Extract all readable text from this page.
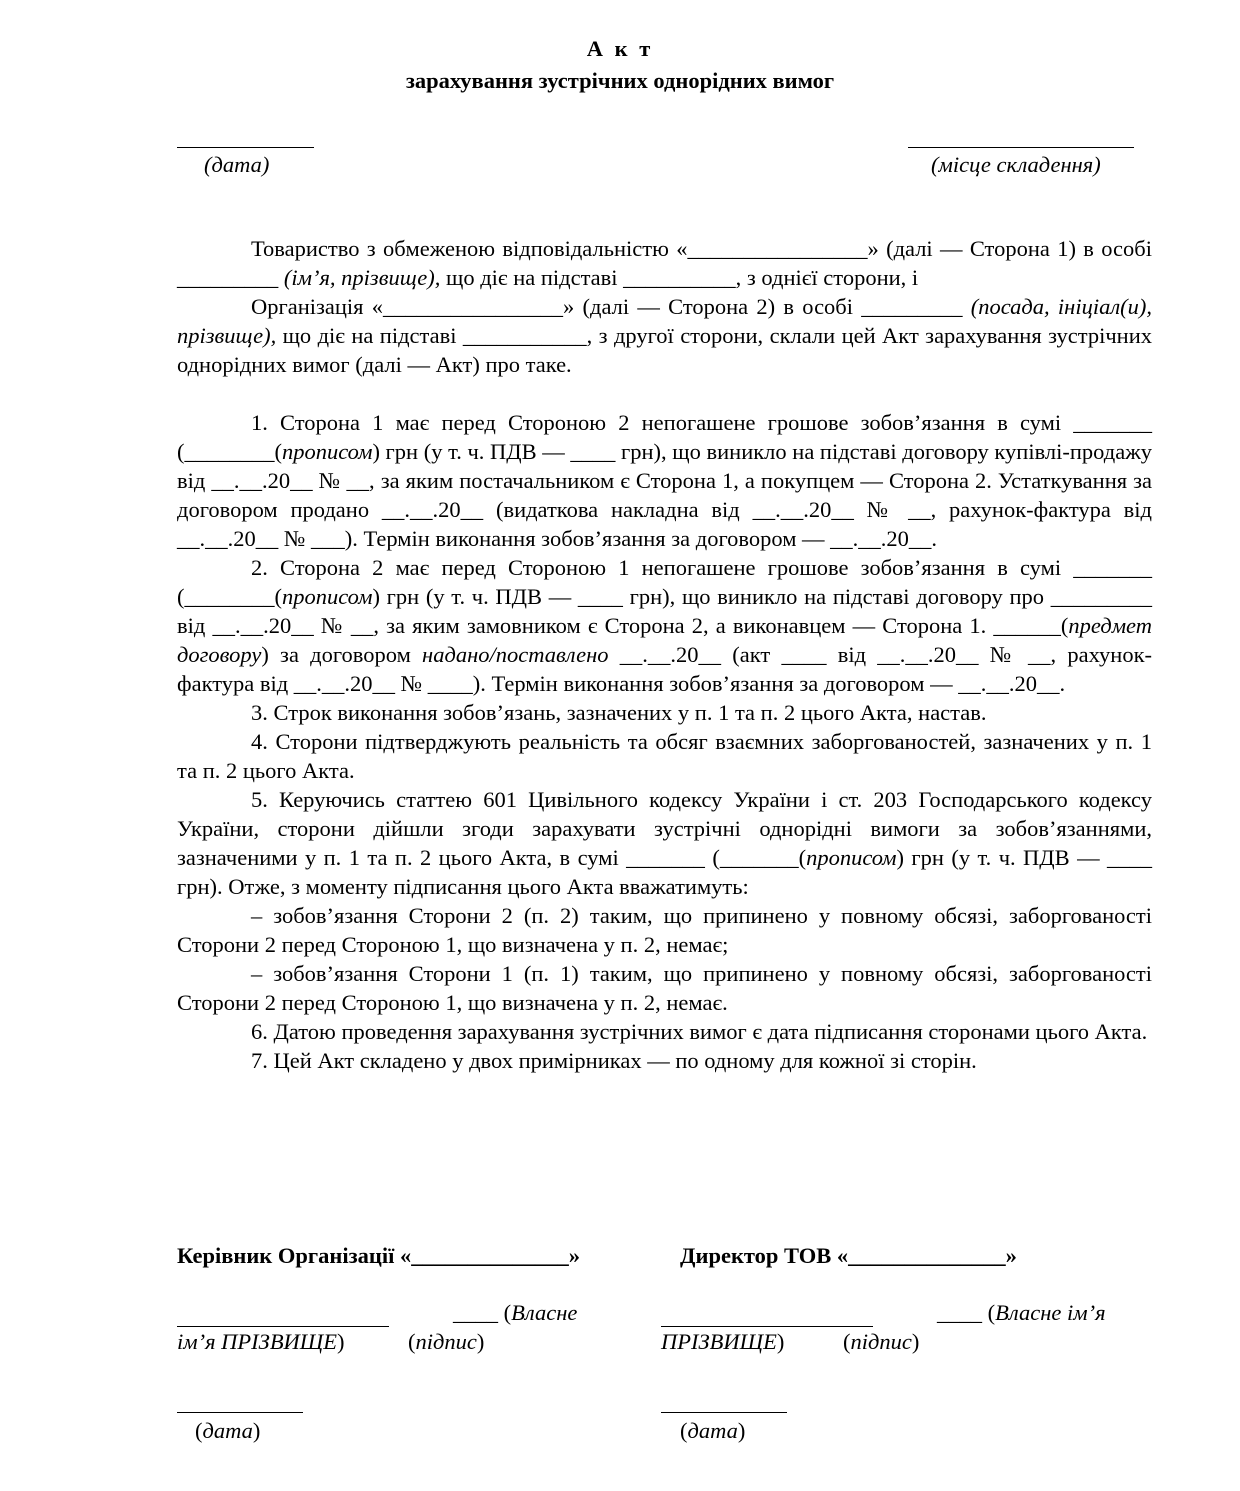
А к т
зарахування зустрічних однорідних вимог
(дата)	(місце складення)

Товариство з обмеженою відповідальністю «________________» (далі — Сторона 1) в особі _________ (ім’я, прізвище), що діє на підставі __________, з однієї сторони, і

Організація «________________» (далі — Сторона 2) в особі _________ (посада, ініціал(и), прізвище), що діє на підставі ___________, з другої сторони, склали цей Акт зарахування зустрічних однорідних вимог (далі — Акт) про таке.

1. Сторона 1 має перед Стороною 2 непогашене грошове зобов’язання в сумі _______ (________(прописом) грн (у т. ч. ПДВ — ____ грн), що виникло на підставі договору купівлі-продажу від __.__.20__ № __, за яким постачальником є Сторона 1, а покупцем — Сторона 2. Устаткування за договором продано __.__.20__ (видаткова накладна від __.__.20__ № __, рахунок-фактура від __.__.20__ № ___). Термін виконання зобов’язання за договором — __.__.20__.

2. Сторона 2 має перед Стороною 1 непогашене грошове зобов’язання в сумі _______ (________(прописом) грн (у т. ч. ПДВ — ____ грн), що виникло на підставі договору про _________ від __.__.20__ № __, за яким замовником є Сторона 2, а виконавцем — Сторона 1. ______(предмет договору) за договором надано/поставлено __.__.20__ (акт ____ від __.__.20__ № __, рахунок-фактура від __.__.20__ № ____). Термін виконання зобов’язання за договором — __.__.20__.

3. Строк виконання зобов’язань, зазначених у п. 1 та п. 2 цього Акта, настав.

4. Сторони підтверджують реальність та обсяг взаємних заборгованостей, зазначених у п. 1 та п. 2 цього Акта.

5. Керуючись статтею 601 Цивільного кодексу України і ст. 203 Господарського кодексу України, сторони дійшли згоди зарахувати зустрічні однорідні вимоги за зобов’язаннями, зазначеними у п. 1 та п. 2 цього Акта, в сумі _______ (_______(прописом) грн (у т. ч. ПДВ — ____ грн). Отже, з моменту підписання цього Акта вважатимуть:

– зобов’язання Сторони 2 (п. 2) таким, що припинено у повному обсязі, заборгованості Сторони 2 перед Стороною 1, що визначена у п. 2, немає;

– зобов’язання Сторони 1 (п. 1) таким, що припинено у повному обсязі, заборгованості Сторони 2 перед Стороною 1, що визначена у п. 2, немає.

6. Датою проведення зарахування зустрічних вимог є дата підписання сторонами цього Акта.

7. Цей Акт складено у двох примірниках — по одному для кожної зі сторін.

Керівник Організації «______________»	Директор ТОВ «______________»
____ (Власне
ім’я ПРІЗВИЩЕ)	(підпис)
____ (Власне ім’я
ПРІЗВИЩЕ)	(підпис)
(дата)	(дата)
